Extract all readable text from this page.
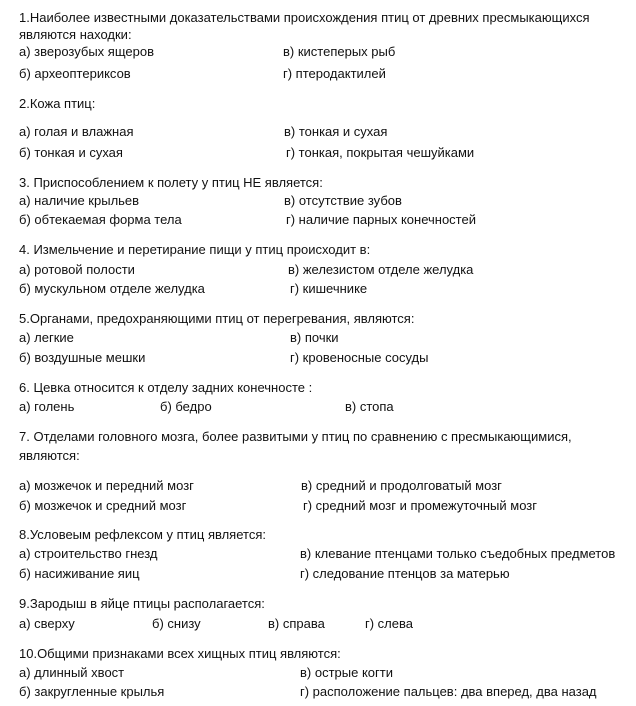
1.Наиболее известными доказательствами происхождения птиц от древних пресмыкающихся
являются находки:
а) зверозубых ящеров	в) кистеперых рыб
б) археоптериксов	г) птеродактилей
2.Кожа птиц:
а) голая и влажная	в) тонкая и сухая
б) тонкая и сухая	г) тонкая, покрытая чешуйками
3. Приспособлением к полету у птиц НЕ является:
а) наличие крыльев	в) отсутствие зубов
б) обтекаемая форма тела	г) наличие парных конечностей
4. Измельчение и перетирание пищи у птиц происходит в:
а) ротовой полости	в) железистом отделе желудка
б) мускульном отделе желудка	г) кишечнике
5.Органами, предохраняющими птиц от перегревания, являются:
а) легкие	в) почки
б) воздушные мешки	г) кровеносные сосуды
6. Цевка относится к отделу задних конечносте :
а) голень	б) бедро	в) стопа
7. Отделами головного мозга, более развитыми у птиц по сравнению с пресмыкающимися,
являются:
а) мозжечок и передний мозг	в) средний и продолговатый мозг
б) мозжечок и средний мозг	г) средний мозг и промежуточный мозг
8.Условеым рефлексом у птиц является:
а) строительство гнезд	в) клевание птенцами только съедобных предметов
б) насиживание яиц	г) следование птенцов за матерью
9.Зародыш в яйце птицы располагается:
а) сверху	б) снизу	в) справа	г) слева
10.Общими признаками всех хищных птиц являются:
а) длинный хвост	в) острые когти
б) закругленные крылья	г) расположение пальцев: два вперед, два назад
